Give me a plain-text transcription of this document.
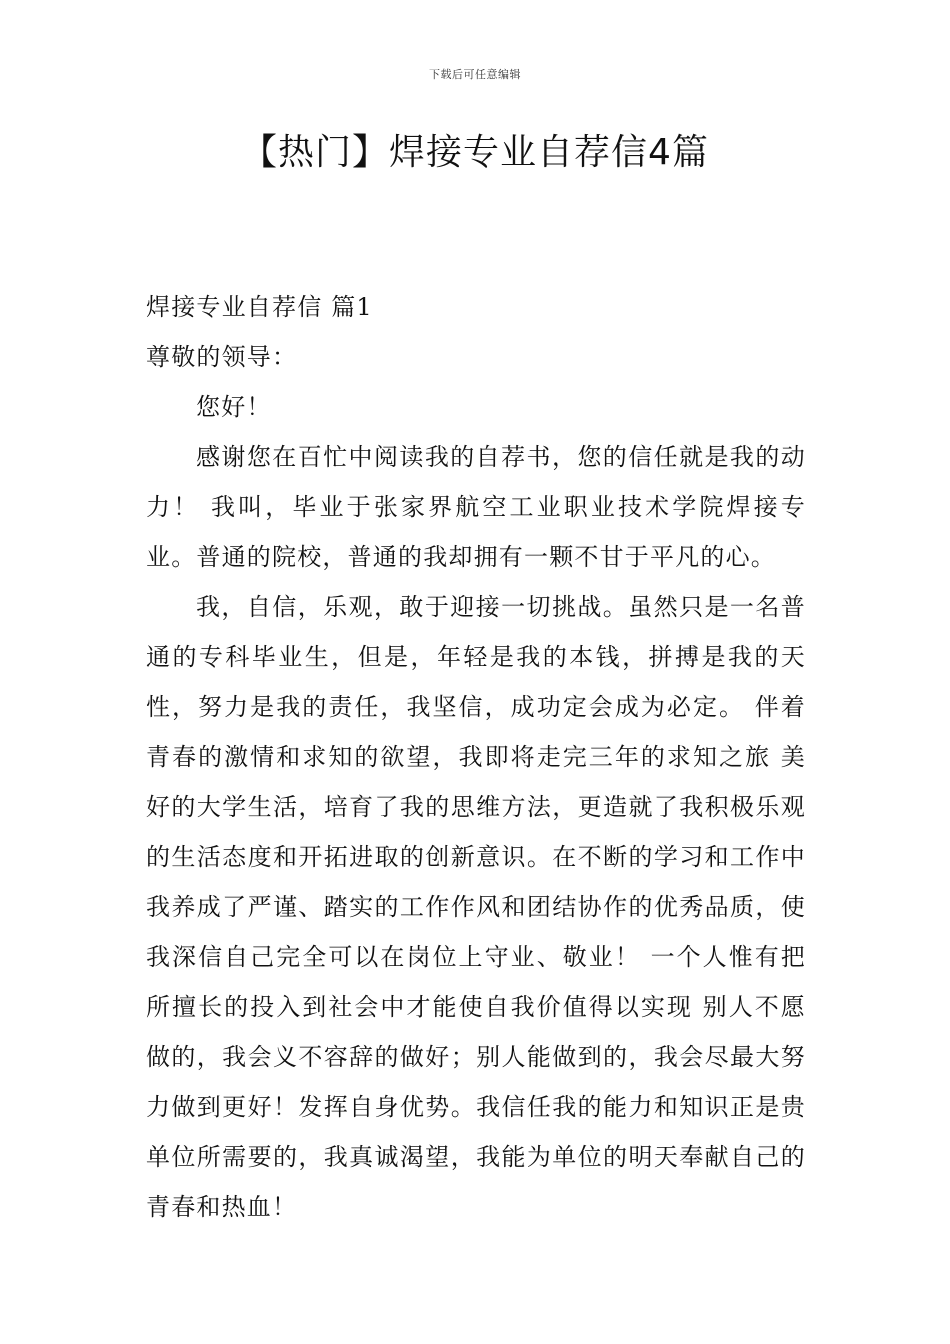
下载后可任意编辑
【热门】焊接专业自荐信4篇

焊接专业自荐信 篇1

尊敬的领导：

您好！

感谢您在百忙中阅读我的自荐书，您的信任就是我的动力！ 我叫，毕业于张家界航空工业职业技术学院焊接专业。普通的院校，普通的我却拥有一颗不甘于平凡的心。

我，自信，乐观，敢于迎接一切挑战。虽然只是一名普通的专科毕业生，但是，年轻是我的本钱，拼搏是我的天性，努力是我的责任，我坚信，成功定会成为必定。 伴着青春的激情和求知的欲望，我即将走完三年的求知之旅 美好的大学生活，培育了我的思维方法，更造就了我积极乐观的生活态度和开拓进取的创新意识。在不断的学习和工作中我养成了严谨、踏实的工作作风和团结协作的优秀品质，使我深信自己完全可以在岗位上守业、敬业！ 一个人惟有把所擅长的投入到社会中才能使自我价值得以实现 别人不愿做的，我会义不容辞的做好；别人能做到的，我会尽最大努力做到更好！发挥自身优势。我信任我的能力和知识正是贵单位所需要的，我真诚渴望，我能为单位的明天奉献自己的青春和热血！
